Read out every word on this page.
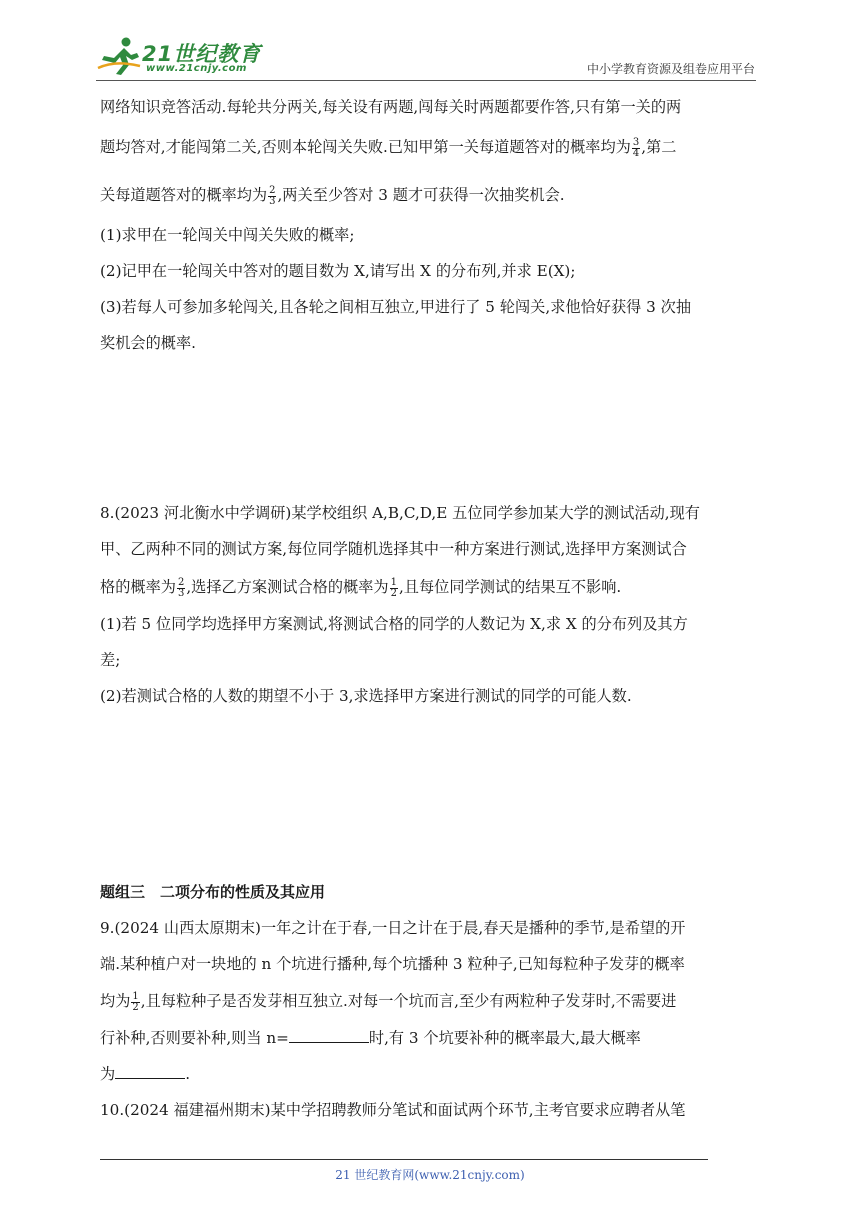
21世纪教育
www.21cnjy.com	中小学教育资源及组卷应用平台
网络知识竞答活动.每轮共分两关,每关设有两题,闯每关时两题都要作答,只有第一关的两
题均答对,才能闯第二关,否则本轮闯关失败.已知甲第一关每道题答对的概率均为 $\frac{3}{4}$ ,第二
关每道题答对的概率均为 $\frac{2}{3}$ ,两关至少答对 3 题才可获得一次抽奖机会.
(1)求甲在一轮闯关中闯关失败的概率;
(2)记甲在一轮闯关中答对的题目数为 X,请写出 X 的分布列,并求 E(X);
(3)若每人可参加多轮闯关,且各轮之间相互独立,甲进行了 5 轮闯关,求他恰好获得 3 次抽
奖机会的概率.
8.(2023 河北衡水中学调研)某学校组织 A,B,C,D,E 五位同学参加某大学的测试活动,现有
甲、乙两种不同的测试方案,每位同学随机选择其中一种方案进行测试,选择甲方案测试合
格的概率为 $\frac{2}{3}$ ,选择乙方案测试合格的概率为 $\frac{1}{2}$ ,且每位同学测试的结果互不影响.
(1)若 5 位同学均选择甲方案测试,将测试合格的同学的人数记为 X,求 X 的分布列及其方
差;
(2)若测试合格的人数的期望不小于 3,求选择甲方案进行测试的同学的可能人数.
题组三　二项分布的性质及其应用
9.(2024 山西太原期末)一年之计在于春,一日之计在于晨,春天是播种的季节,是希望的开
端.某种植户对一块地的 n 个坑进行播种,每个坑播种 3 粒种子,已知每粒种子发芽的概率
均为 $\frac{1}{2}$ ,且每粒种子是否发芽相互独立.对每一个坑而言,至少有两粒种子发芽时,不需要进
行补种,否则要补种,则当 n=	时,有 3 个坑要补种的概率最大,最大概率
为	.
10.(2024 福建福州期末)某中学招聘教师分笔试和面试两个环节,主考官要求应聘者从笔
21 世纪教育网(www.21cnjy.com)
